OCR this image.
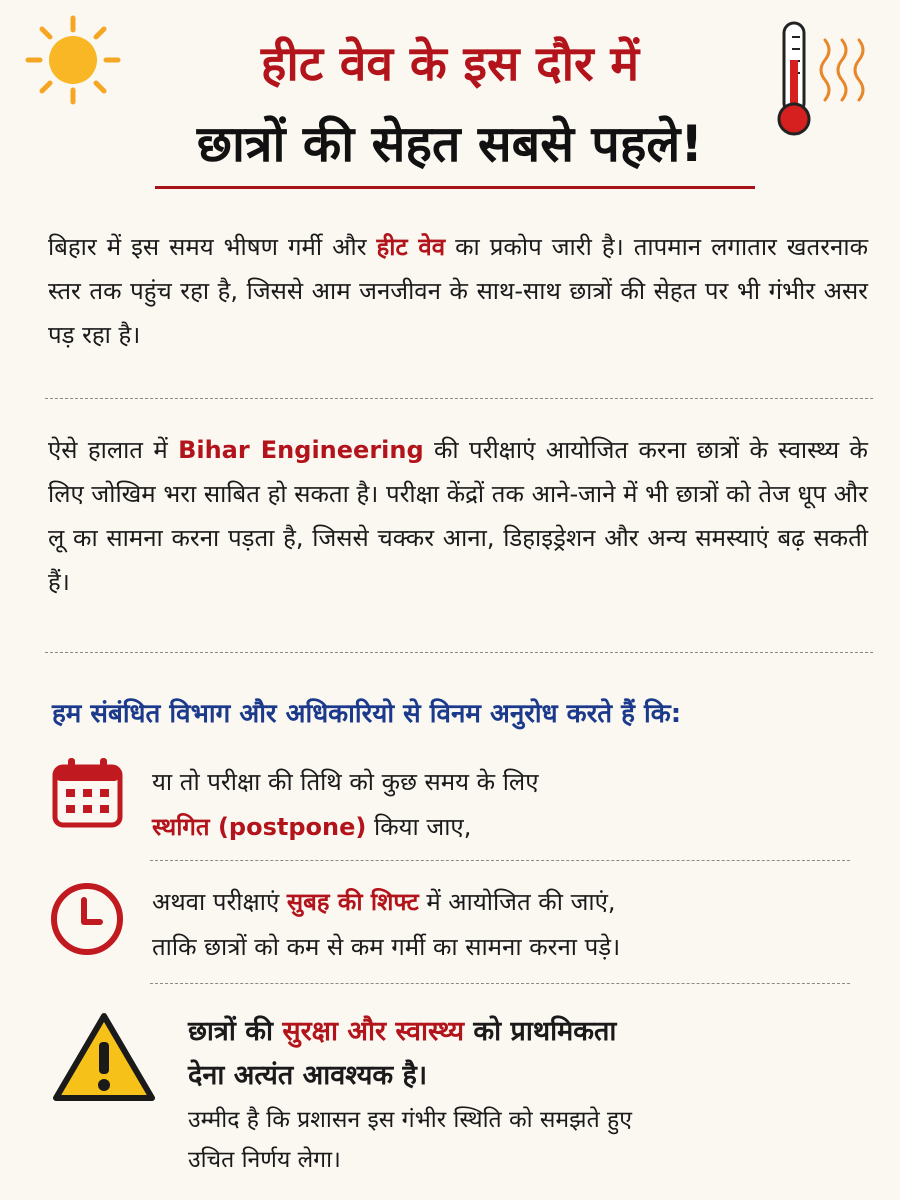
हीट वेव के इस दौर में
छात्रों की सेहत सबसे पहले!
बिहार में इस समय भीषण गर्मी और हीट वेव का प्रकोप जारी है। तापमान लगातार खतरनाक स्तर तक पहुंच रहा है, जिससे आम जनजीवन के साथ-साथ छात्रों की सेहत पर भी गंभीर असर पड़ रहा है।
ऐसे हालात में Bihar Engineering की परीक्षाएं आयोजित करना छात्रों के स्वास्थ्य के लिए जोखिम भरा साबित हो सकता है। परीक्षा केंद्रों तक आने-जाने में भी छात्रों को तेज धूप और लू का सामना करना पड़ता है, जिससे चक्कर आना, डिहाइड्रेशन और अन्य समस्याएं बढ़ सकती हैं।
हम संबंधित विभाग और अधिकारियो से विनम अनुरोध करते हैं कि:
या तो परीक्षा की तिथि को कुछ समय के लिए
स्थगित (postpone) किया जाए,
अथवा परीक्षाएं सुबह की शिफ्ट में आयोजित की जाएं,
ताकि छात्रों को कम से कम गर्मी का सामना करना पड़े।
छात्रों की सुरक्षा और स्वास्थ्य को प्राथमिकता
देना अत्यंत आवश्यक है।
उम्मीद है कि प्रशासन इस गंभीर स्थिति को समझते हुए
उचित निर्णय लेगा।
